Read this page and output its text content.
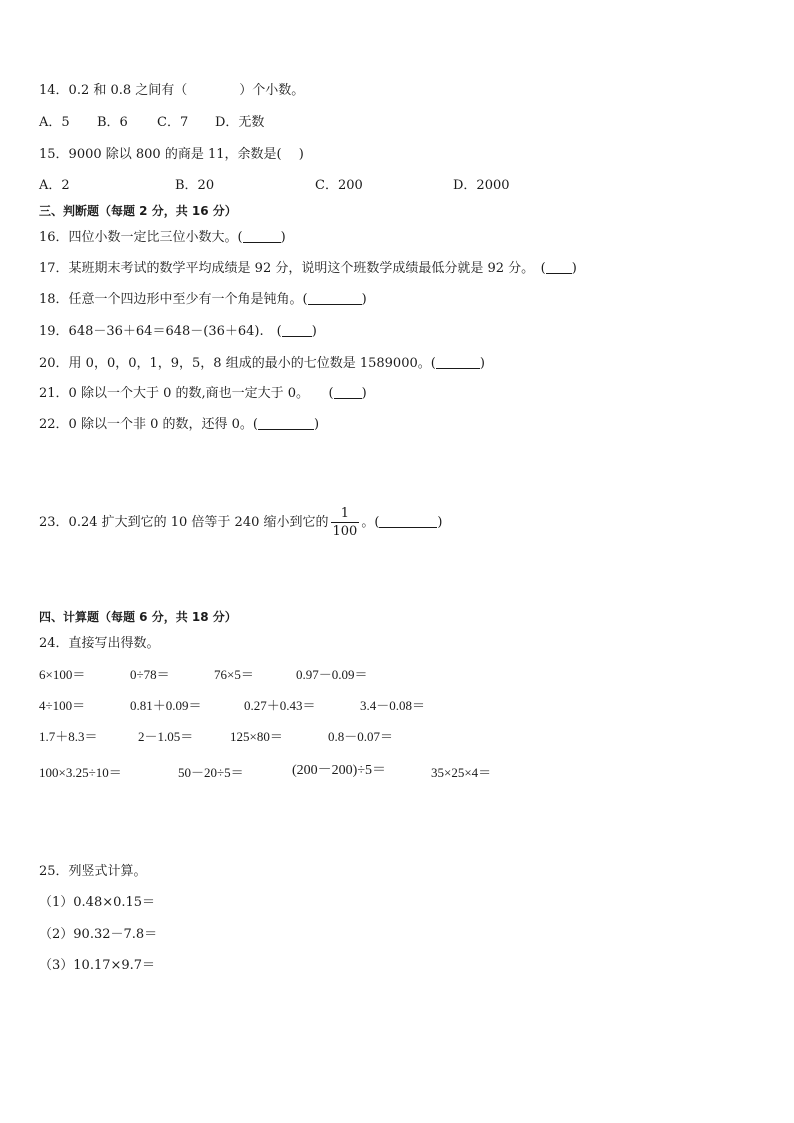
14．0.2 和 0.8 之间有（	）个小数。
A．5 B．6 C．7 D．无数
15．9000 除以 800 的商是 11，余数是(　 )
A．2	B．20	C．200	D．2000
三、判断题（每题 2 分，共 16 分）
16．四位小数一定比三位小数大。(	)
17．某班期末考试的数学平均成绩是 92 分，说明这个班数学成绩最低分就是 92 分。　( )
18．任意一个四边形中至少有一个角是钝角。(	)
19．648－36＋64＝648－(36＋64).　( )
20．用 0，0，0，1，9，5，8 组成的最小的七位数是 1589000。(	)
21．0 除以一个大于 0 的数,商也一定大于 0。　　( )
22．0 除以一个非 0 的数，还得 0。(	)
23．0.24 扩大到它的 10 倍等于 240 缩小到它的 $\frac{1}{100}$ 。(	)
四、计算题（每题 6 分，共 18 分）
24．直接写出得数。
6×100＝	0÷78＝	76×5＝	0.97－0.09＝
4÷100＝	0.81＋0.09＝	0.27＋0.43＝	3.4－0.08＝
1.7＋8.3＝	2－1.05＝	125×80＝	0.8－0.07＝
100×3.25÷10＝	50－20÷5＝	(200－200)÷5＝	35×25×4＝
25．列竖式计算。
（1）0.48×0.15＝
（2）90.32－7.8＝
（3）10.17×9.7＝
